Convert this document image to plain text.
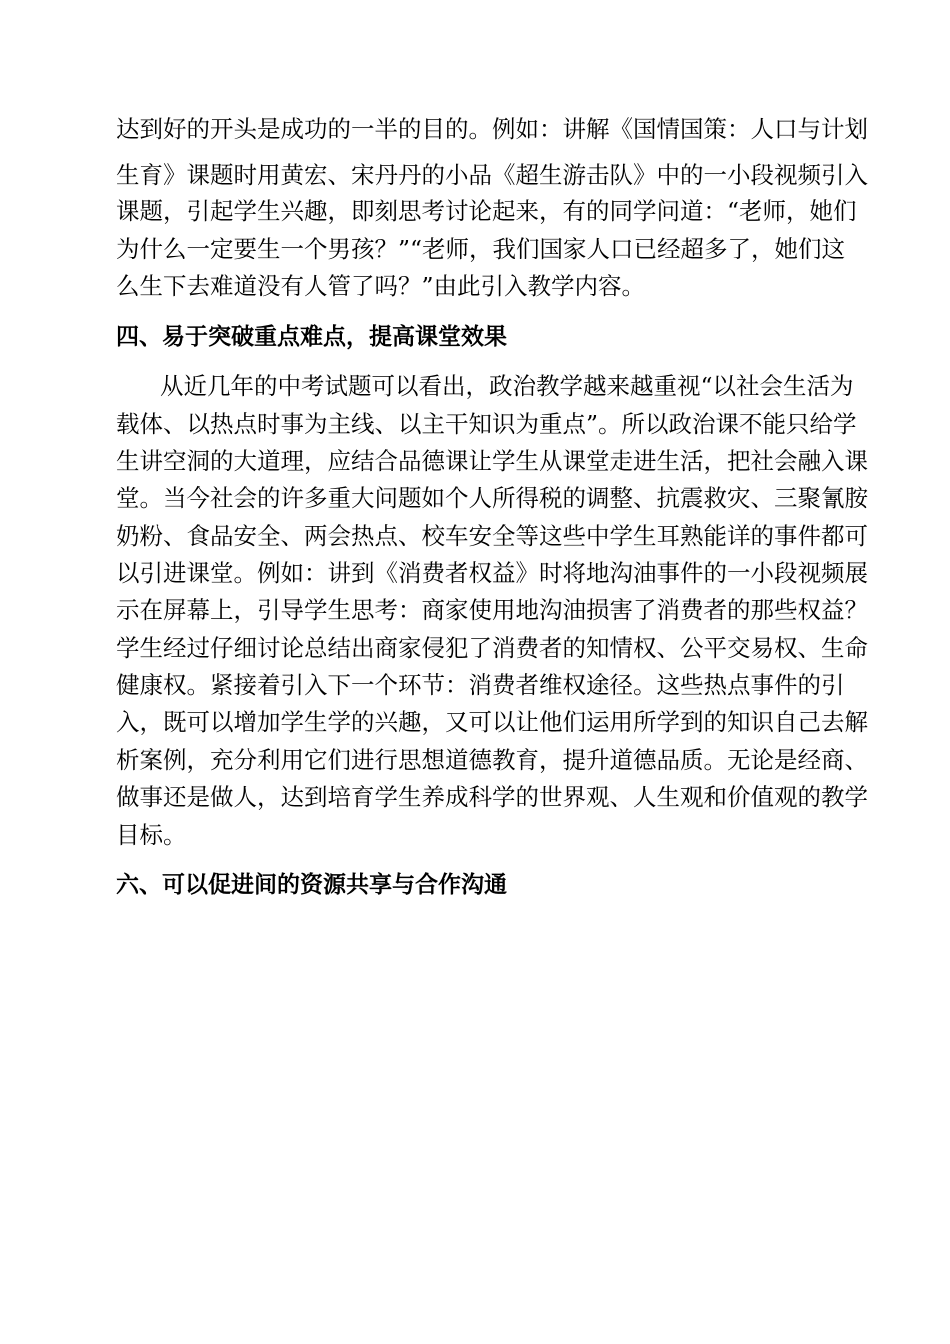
达到好的开头是成功的一半的目的。例如：讲解《国情国策：人口与计划
生育》课题时用黄宏、宋丹丹的小品《超生游击队》中的一小段视频引入
课题，引起学生兴趣，即刻思考讨论起来，有的同学问道：“老师，她们
为什么一定要生一个男孩？”“老师，我们国家人口已经超多了，她们这
么生下去难道没有人管了吗？”由此引入教学内容。
四、易于突破重点难点，提高课堂效果
从近几年的中考试题可以看出，政治教学越来越重视“以社会生活为
载体、以热点时事为主线、以主干知识为重点”。所以政治课不能只给学
生讲空洞的大道理，应结合品德课让学生从课堂走进生活，把社会融入课
堂。当今社会的许多重大问题如个人所得税的调整、抗震救灾、三聚氰胺
奶粉、食品安全、两会热点、校车安全等这些中学生耳熟能详的事件都可
以引进课堂。例如：讲到《消费者权益》时将地沟油事件的一小段视频展
示在屏幕上，引导学生思考：商家使用地沟油损害了消费者的那些权益？
学生经过仔细讨论总结出商家侵犯了消费者的知情权、公平交易权、生命
健康权。紧接着引入下一个环节：消费者维权途径。这些热点事件的引
入，既可以增加学生学的兴趣，又可以让他们运用所学到的知识自己去解
析案例，充分利用它们进行思想道德教育，提升道德品质。无论是经商、
做事还是做人，达到培育学生养成科学的世界观、人生观和价值观的教学
目标。
六、可以促进间的资源共享与合作沟通
